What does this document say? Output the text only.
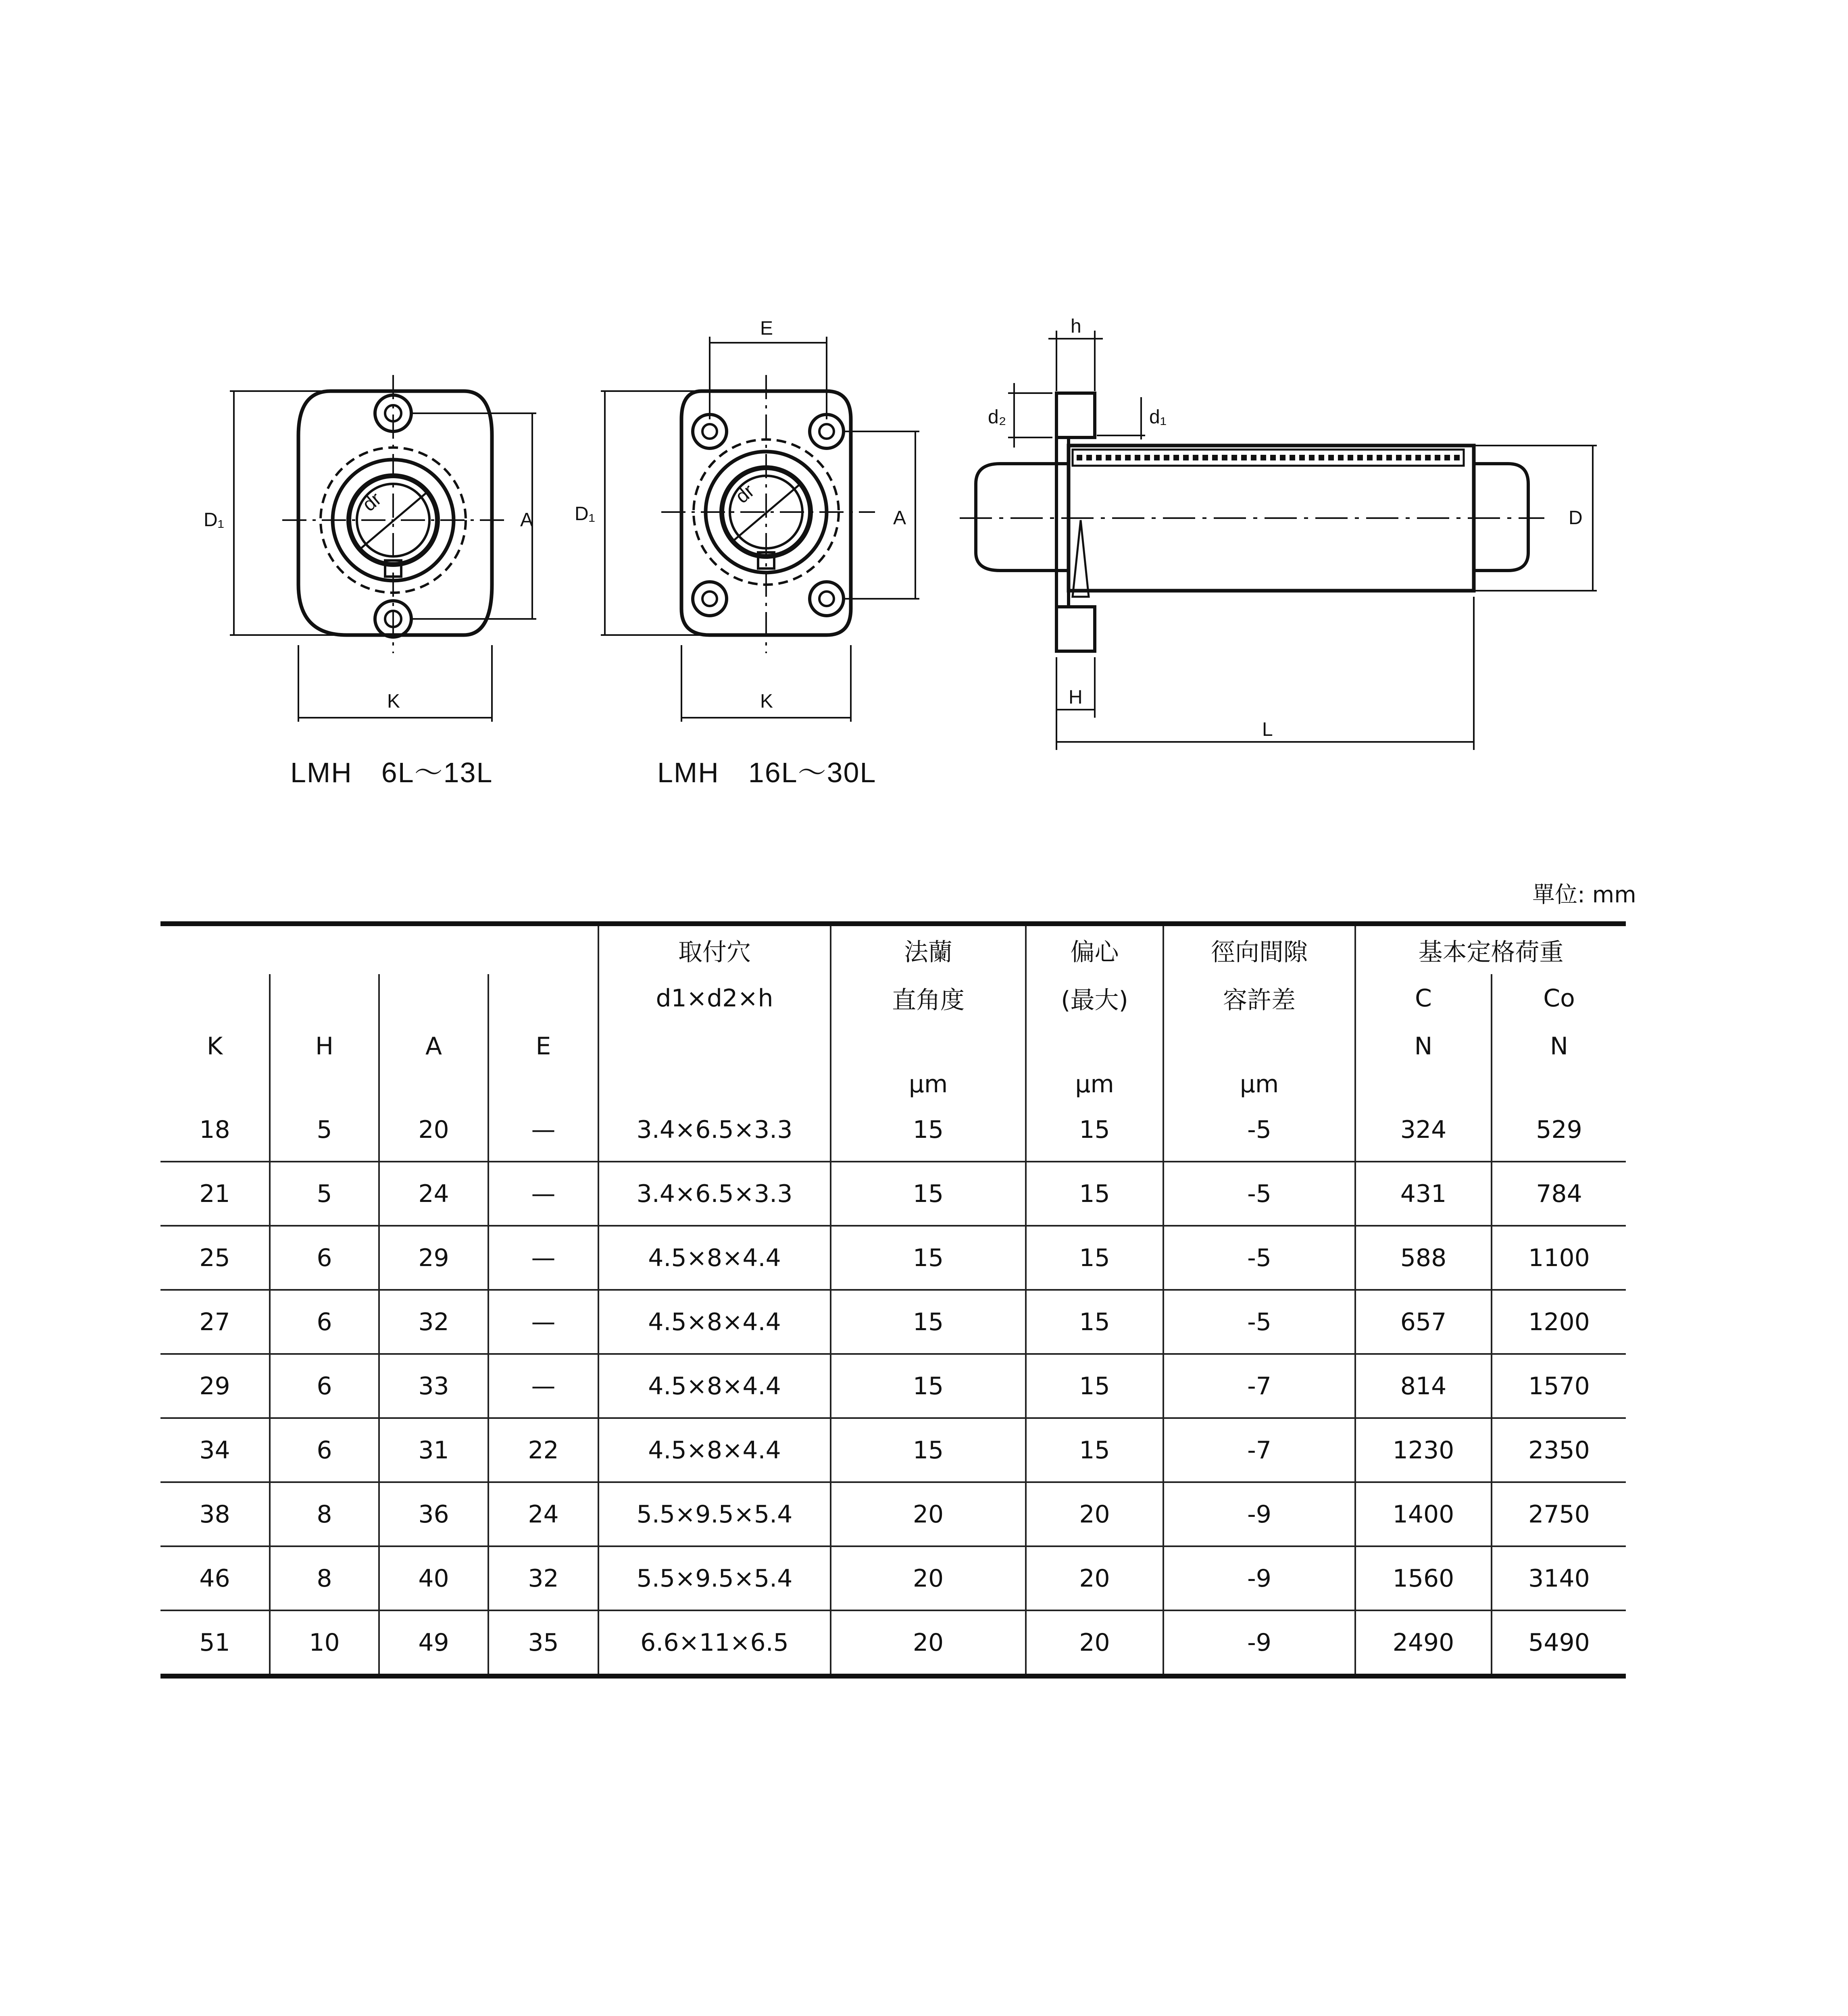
D₁
dr
A
K
E
D₁
dr
A
K
h
d₂	d₁
D
H
L
LMH　6L～13L	LMH　16L～30L
單位: mm
				取付穴	法蘭	偏心	徑向間隙	基本定格荷重	
				d1×d2×h	直角度	(最大)	容許差	C	Co
K	H	A	E					N	N
					μm	μm	μm		
18	5	20	—	3.4×6.5×3.3	15	15	-5	324	529
21	5	24	—	3.4×6.5×3.3	15	15	-5	431	784
25	6	29	—	4.5×8×4.4	15	15	-5	588	1100
27	6	32	—	4.5×8×4.4	15	15	-5	657	1200
29	6	33	—	4.5×8×4.4	15	15	-7	814	1570
34	6	31	22	4.5×8×4.4	15	15	-7	1230	2350
38	8	36	24	5.5×9.5×5.4	20	20	-9	1400	2750
46	8	40	32	5.5×9.5×5.4	20	20	-9	1560	3140
51	10	49	35	6.6×11×6.5	20	20	-9	2490	5490
